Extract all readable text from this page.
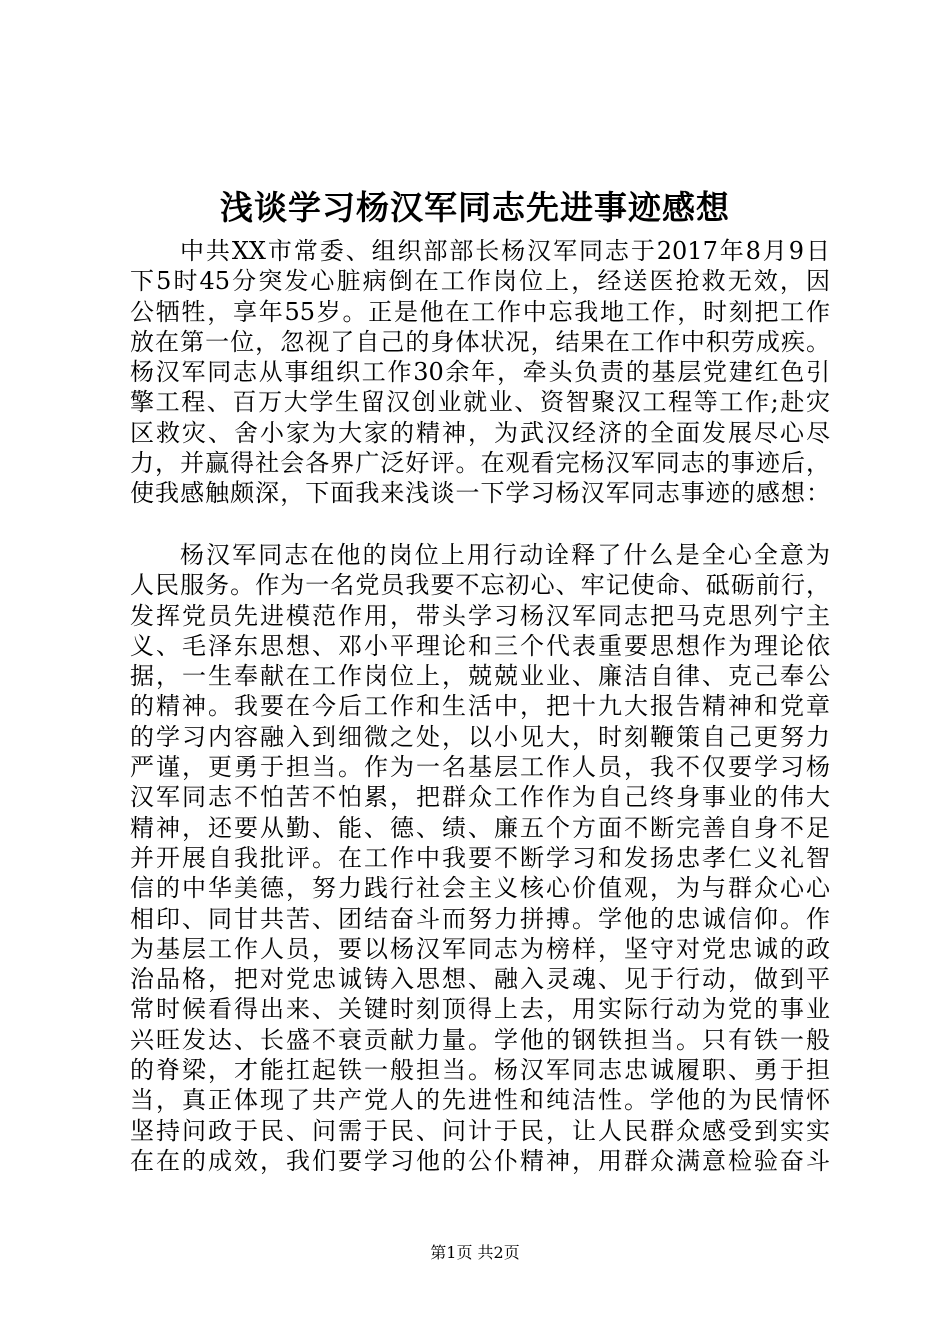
浅谈学习杨汉军同志先进事迹感想
中共XX市常委、组织部部长杨汉军同志于2017年8月9日
下5时45分突发心脏病倒在工作岗位上，经送医抢救无效，因
公牺牲，享年55岁。正是他在工作中忘我地工作，时刻把工作
放在第一位，忽视了自己的身体状况，结果在工作中积劳成疾。
杨汉军同志从事组织工作30余年，牵头负责的基层党建红色引
擎工程、百万大学生留汉创业就业、资智聚汉工程等工作;赴灾
区救灾、舍小家为大家的精神，为武汉经济的全面发展尽心尽
力，并赢得社会各界广泛好评。在观看完杨汉军同志的事迹后，
使我感触颇深，下面我来浅谈一下学习杨汉军同志事迹的感想：
杨汉军同志在他的岗位上用行动诠释了什么是全心全意为
人民服务。作为一名党员我要不忘初心、牢记使命、砥砺前行，
发挥党员先进模范作用，带头学习杨汉军同志把马克思列宁主
义、毛泽东思想、邓小平理论和三个代表重要思想作为理论依
据，一生奉献在工作岗位上，兢兢业业、廉洁自律、克己奉公
的精神。我要在今后工作和生活中，把十九大报告精神和党章
的学习内容融入到细微之处，以小见大，时刻鞭策自己更努力
严谨，更勇于担当。作为一名基层工作人员，我不仅要学习杨
汉军同志不怕苦不怕累，把群众工作作为自己终身事业的伟大
精神，还要从勤、能、德、绩、廉五个方面不断完善自身不足
并开展自我批评。在工作中我要不断学习和发扬忠孝仁义礼智
信的中华美德，努力践行社会主义核心价值观，为与群众心心
相印、同甘共苦、团结奋斗而努力拼搏。学他的忠诚信仰。作
为基层工作人员，要以杨汉军同志为榜样，坚守对党忠诚的政
治品格，把对党忠诚铸入思想、融入灵魂、见于行动，做到平
常时候看得出来、关键时刻顶得上去，用实际行动为党的事业
兴旺发达、长盛不衰贡献力量。学他的钢铁担当。只有铁一般
的脊梁，才能扛起铁一般担当。杨汉军同志忠诚履职、勇于担
当，真正体现了共产党人的先进性和纯洁性。学他的为民情怀
坚持问政于民、问需于民、问计于民，让人民群众感受到实实
在在的成效，我们要学习他的公仆精神，用群众满意检验奋斗
第1页 共2页
